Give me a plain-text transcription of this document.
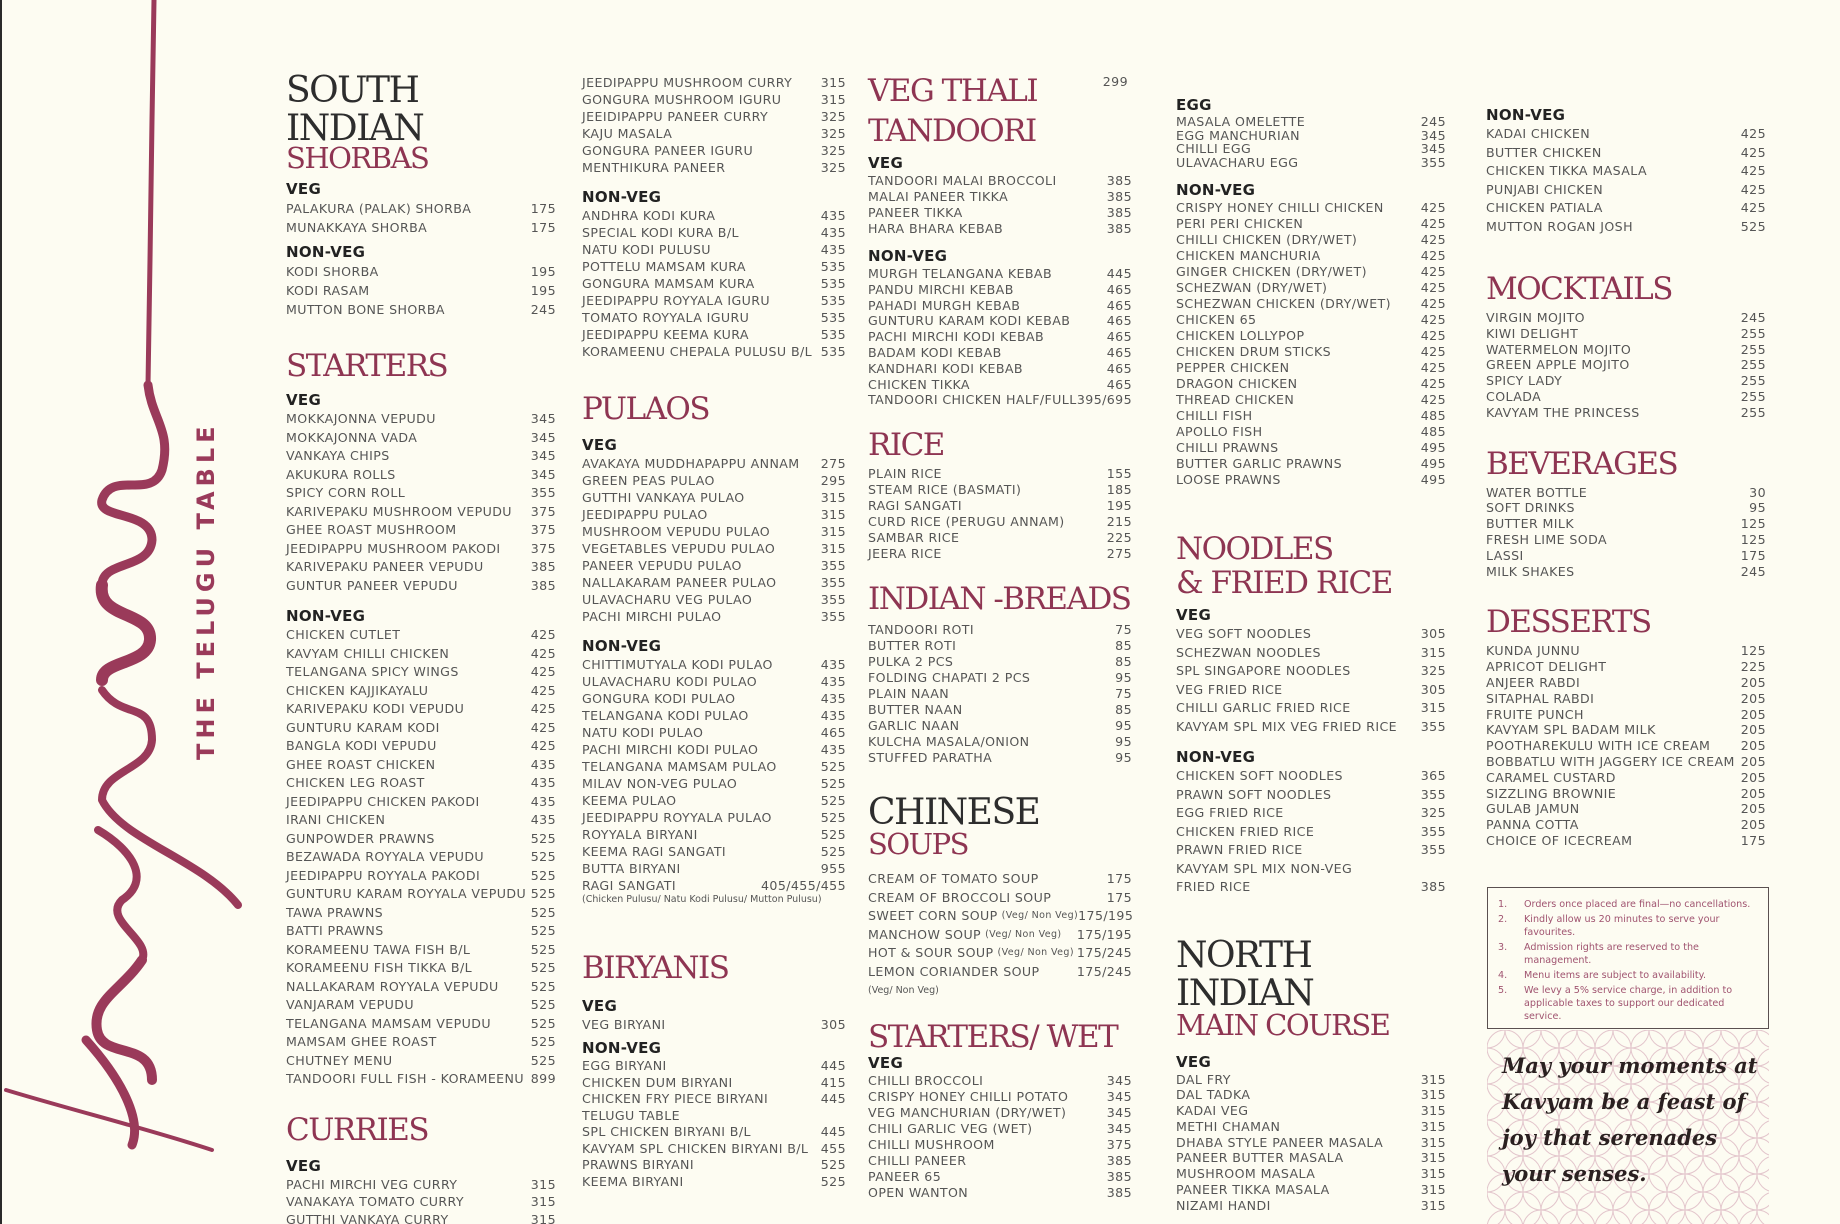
THE TELUGU TABLE
SOUTH INDIAN
SHORBAS
VEG
PALAKURA (PALAK) SHORBA	175
MUNAKKAYA SHORBA	175
NON-VEG
KODI SHORBA	195
KODI RASAM	195
MUTTON BONE SHORBA	245
STARTERS
VEG
MOKKAJONNA VEPUDU	345
MOKKAJONNA VADA	345
VANKAYA CHIPS	345
AKUKURA ROLLS	345
SPICY CORN ROLL	355
KARIVEPAKU MUSHROOM VEPUDU 375
GHEE ROAST MUSHROOM	375
JEEDIPAPPU MUSHROOM PAKODI 375
KARIVEPAKU PANEER VEPUDU	385
GUNTUR PANEER VEPUDU	385
NON-VEG
CHICKEN CUTLET	425
KAVYAM CHILLI CHICKEN	425
TELANGANA SPICY WINGS	425
CHICKEN KAJJIKAYALU	425
KARIVEPAKU KODI VEPUDU	425
GUNTURU KARAM KODI	425
BANGLA KODI VEPUDU	425
GHEE ROAST CHICKEN	435
CHICKEN LEG ROAST	435
JEEDIPAPPU CHICKEN PAKODI	435
IRANI CHICKEN	435
GUNPOWDER PRAWNS	525
BEZAWADA ROYYALA VEPUDU	525
JEEDIPAPPU ROYYALA PAKODI	525
GUNTURU KARAM ROYYALA VEPUDU 525
TAWA PRAWNS	525
BATTI PRAWNS	525
KORAMEENU TAWA FISH B/L	525
KORAMEENU FISH TIKKA B/L	525
NALLAKARAM ROYYALA VEPUDU	525
VANJARAM VEPUDU	525
TELANGANA MAMSAM VEPUDU	525
MAMSAM GHEE ROAST	525
CHUTNEY MENU	525
TANDOORI FULL FISH - KORAMEENU 899
CURRIES
VEG
PACHI MIRCHI VEG CURRY	315
VANAKAYA TOMATO CURRY	315
GUTTHI VANKAYA CURRY	315
JEEDIPAPPU MUSHROOM CURRY 315
GONGURA MUSHROOM IGURU	315
JEEIDIPAPPU PANEER CURRY	325
KAJU MASALA	325
GONGURA PANEER IGURU	325
MENTHIKURA PANEER	325
NON-VEG
ANDHRA KODI KURA	435
SPECIAL KODI KURA B/L	435
NATU KODI PULUSU	435
POTTELU MAMSAM KURA	535
GONGURA MAMSAM KURA	535
JEEDIPAPPU ROYYALA IGURU	535
TOMATO ROYYALA IGURU	535
JEEDIPAPPU KEEMA KURA	535
KORAMEENU CHEPALA PULUSU B/L 535
PULAOS
VEG
AVAKAYA MUDDHAPAPPU ANNAM 275
GREEN PEAS PULAO	295
GUTTHI VANKAYA PULAO	315
JEEDIPAPPU PULAO	315
MUSHROOM VEPUDU PULAO	315
VEGETABLES VEPUDU PULAO	315
PANEER VEPUDU PULAO	355
NALLAKARAM PANEER PULAO	355
ULAVACHARU VEG PULAO	355
PACHI MIRCHI PULAO	355
NON-VEG
CHITTIMUTYALA KODI PULAO	435
ULAVACHARU KODI PULAO	435
GONGURA KODI PULAO	435
TELANGANA KODI PULAO	435
NATU KODI PULAO	465
PACHI MIRCHI KODI PULAO	435
TELANGANA MAMSAM PULAO	525
MILAV NON-VEG PULAO	525
KEEMA PULAO	525
JEEDIPAPPU ROYYALA PULAO	525
ROYYALA BIRYANI	525
KEEMA RAGI SANGATI	525
BUTTA BIRYANI	955
RAGI SANGATI	405/455/455
(Chicken Pulusu/ Natu Kodi Pulusu/ Mutton Pulusu)
BIRYANIS
VEG
VEG BIRYANI	305
NON-VEG
EGG BIRYANI	445
CHICKEN DUM BIRYANI	415
CHICKEN FRY PIECE BIRYANI	445
TELUGU TABLE
SPL CHICKEN BIRYANI B/L	445
KAVYAM SPL CHICKEN BIRYANI B/L 455
PRAWNS BIRYANI	525
KEEMA BIRYANI	525
VEG THALI	299
TANDOORI
VEG
TANDOORI MALAI BROCCOLI	385
MALAI PANEER TIKKA	385
PANEER TIKKA	385
HARA BHARA KEBAB	385
NON-VEG
MURGH TELANGANA KEBAB	445
PANDU MIRCHI KEBAB	465
PAHADI MURGH KEBAB	465
GUNTURU KARAM KODI KEBAB	465
PACHI MIRCHI KODI KEBAB	465
BADAM KODI KEBAB	465
KANDHARI KODI KEBAB	465
CHICKEN TIKKA	465
TANDOORI CHICKEN HALF/FULL 395/695
RICE
PLAIN RICE	155
STEAM RICE (BASMATI)	185
RAGI SANGATI	195
CURD RICE (PERUGU ANNAM)	215
SAMBAR RICE	225
JEERA RICE	275
INDIAN -BREADS
TANDOORI ROTI	75
BUTTER ROTI	85
PULKA 2 PCS	85
FOLDING CHAPATI 2 PCS	95
PLAIN NAAN	75
BUTTER NAAN	85
GARLIC NAAN	95
KULCHA MASALA/ONION	95
STUFFED PARATHA	95
CHINESE
SOUPS
CREAM OF TOMATO SOUP	175
CREAM OF BROCCOLI SOUP	175
SWEET CORN SOUP (Veg/ Non Veg) 175/195
MANCHOW SOUP (Veg/ Non Veg) 175/195
HOT & SOUR SOUP (Veg/ Non Veg) 175/245
LEMON CORIANDER SOUP	175/245
(Veg/ Non Veg)
STARTERS/ WET
VEG
CHILLI BROCCOLI	345
CRISPY HONEY CHILLI POTATO	345
VEG MANCHURIAN (DRY/WET)	345
CHILI GARLIC VEG (WET)	345
CHILLI MUSHROOM	375
CHILLI PANEER	385
PANEER 65	385
OPEN WANTON	385
EGG
MASALA OMELETTE	245
EGG MANCHURIAN	345
CHILLI EGG	345
ULAVACHARU EGG	355
NON-VEG
CRISPY HONEY CHILLI CHICKEN	425
PERI PERI CHICKEN	425
CHILLI CHICKEN (DRY/WET)	425
CHICKEN MANCHURIA	425
GINGER CHICKEN (DRY/WET)	425
SCHEZWAN (DRY/WET)	425
SCHEZWAN CHICKEN (DRY/WET) 425
CHICKEN 65	425
CHICKEN LOLLYPOP	425
CHICKEN DRUM STICKS	425
PEPPER CHICKEN	425
DRAGON CHICKEN	425
THREAD CHICKEN	425
CHILLI FISH	485
APOLLO FISH	485
CHILLI PRAWNS	495
BUTTER GARLIC PRAWNS	495
LOOSE PRAWNS	495
NOODLES
& FRIED RICE
VEG
VEG SOFT NOODLES	305
SCHEZWAN NOODLES	315
SPL SINGAPORE NOODLES	325
VEG FRIED RICE	305
CHILLI GARLIC FRIED RICE	315
KAVYAM SPL MIX VEG FRIED RICE 355
NON-VEG
CHICKEN SOFT NOODLES	365
PRAWN SOFT NOODLES	355
EGG FRIED RICE	325
CHICKEN FRIED RICE	355
PRAWN FRIED RICE	355
KAVYAM SPL MIX NON-VEG
FRIED RICE	385
NORTH INDIAN
MAIN COURSE
VEG
DAL FRY	315
DAL TADKA	315
KADAI VEG	315
METHI CHAMAN	315
DHABA STYLE PANEER MASALA	315
PANEER BUTTER MASALA	315
MUSHROOM MASALA	315
PANEER TIKKA MASALA	315
NIZAMI HANDI	315
NON-VEG
KADAI CHICKEN	425
BUTTER CHICKEN	425
CHICKEN TIKKA MASALA	425
PUNJABI CHICKEN	425
CHICKEN PATIALA	425
MUTTON ROGAN JOSH	525
MOCKTAILS
VIRGIN MOJITO	245
KIWI DELIGHT	255
WATERMELON MOJITO	255
GREEN APPLE MOJITO	255
SPICY LADY	255
COLADA	255
KAVYAM THE PRINCESS	255
BEVERAGES
WATER BOTTLE	30
SOFT DRINKS	95
BUTTER MILK	125
FRESH LIME SODA	125
LASSI	175
MILK SHAKES	245
DESSERTS
KUNDA JUNNU	125
APRICOT DELIGHT	225
ANJEER RABDI	205
SITAPHAL RABDI	205
FRUITE PUNCH	205
KAVYAM SPL BADAM MILK	205
POOTHAREKULU WITH ICE CREAM 205
BOBBATLU WITH JAGGERY ICE CREAM 205
CARAMEL CUSTARD	205
SIZZLING BROWNIE	205
GULAB JAMUN	205
PANNA COTTA	205
CHOICE OF ICECREAM	175
1.	Orders once placed are final—no cancellations.
2.	Kindly allow us 20 minutes to serve your favourites.
3.	Admission rights are reserved to the management.
4.	Menu items are subject to availability.
5.	We levy a 5% service charge, in addition to applicable taxes to support our dedicated service.
May your moments at Kavyam be a feast of joy that serenades your senses.
